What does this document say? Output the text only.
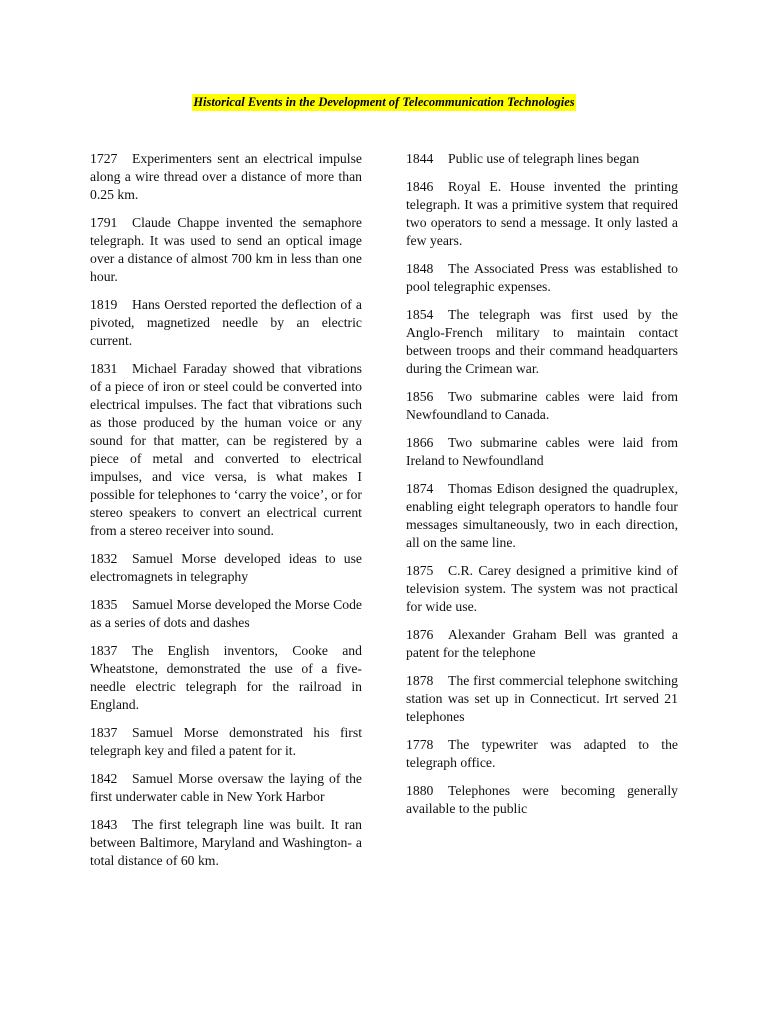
Historical Events in the Development of Telecommunication Technologies

1727 Experimenters sent an electrical impulse along a wire thread over a distance of more than 0.25 km.

1791 Claude Chappe invented the semaphore telegraph. It was used to send an optical image over a distance of almost 700 km in less than one hour.

1819 Hans Oersted reported the deflection of a pivoted, magnetized needle by an electric current.

1831 Michael Faraday showed that vibrations of a piece of iron or steel could be converted into electrical impulses. The fact that vibrations such as those produced by the human voice or any sound for that matter, can be registered by a piece of metal and converted to electrical impulses, and vice versa, is what makes I possible for telephones to ‘carry the voice’, or for stereo speakers to convert an electrical current from a stereo receiver into sound.

1832 Samuel Morse developed ideas to use electromagnets in telegraphy

1835 Samuel Morse developed the Morse Code as a series of dots and dashes

1837 The English inventors, Cooke and Wheatstone, demonstrated the use of a five-needle electric telegraph for the railroad in England.

1837 Samuel Morse demonstrated his first telegraph key and filed a patent for it.

1842 Samuel Morse oversaw the laying of the first underwater cable in New York Harbor

1843 The first telegraph line was built. It ran between Baltimore, Maryland and Washington- a total distance of 60 km.

1844 Public use of telegraph lines began

1846 Royal E. House invented the printing telegraph. It was a primitive system that required two operators to send a message. It only lasted a few years.

1848 The Associated Press was established to pool telegraphic expenses.

1854 The telegraph was first used by the Anglo-French military to maintain contact between troops and their command headquarters during the Crimean war.

1856 Two submarine cables were laid from Newfoundland to Canada.

1866 Two submarine cables were laid from Ireland to Newfoundland

1874 Thomas Edison designed the quadruplex, enabling eight telegraph operators to handle four messages simultaneously, two in each direction, all on the same line.

1875 C.R. Carey designed a primitive kind of television system. The system was not practical for wide use.

1876 Alexander Graham Bell was granted a patent for the telephone

1878 The first commercial telephone switching station was set up in Connecticut. Irt served 21 telephones

1778 The typewriter was adapted to the telegraph office.

1880 Telephones were becoming generally available to the public
